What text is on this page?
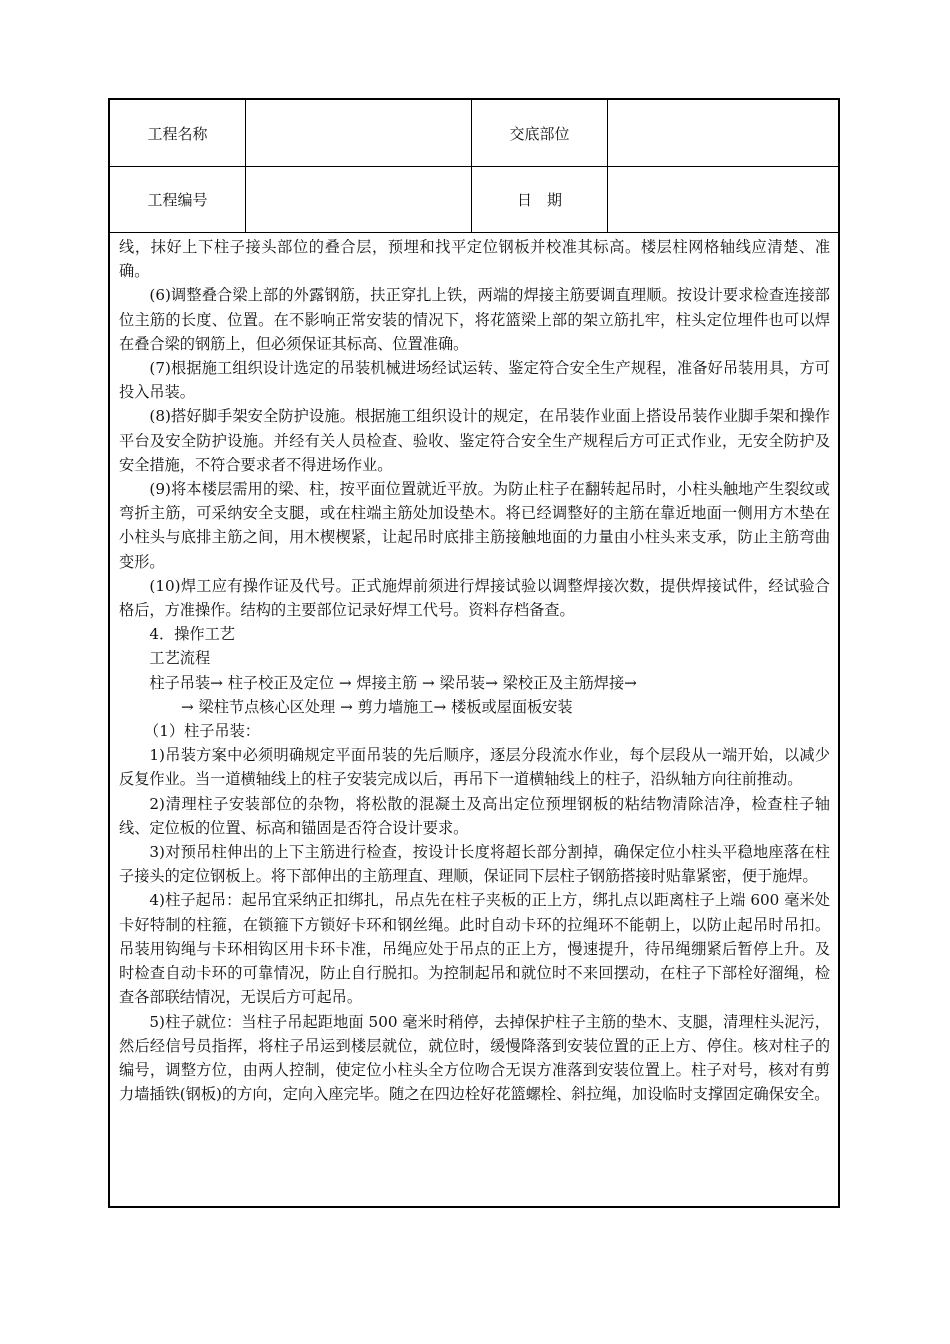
工程名称	交底部位
工程编号	日　期

线，抹好上下柱子接头部位的叠合层，预埋和找平定位钢板并校准其标高。楼层柱网格轴线应清楚、准确。

(6)调整叠合梁上部的外露钢筋，扶正穿扎上铁，两端的焊接主筋要调直理顺。按设计要求检查连接部位主筋的长度、位置。在不影响正常安装的情况下，将花篮梁上部的架立筋扎牢，柱头定位埋件也可以焊在叠合梁的钢筋上，但必须保证其标高、位置准确。

(7)根据施工组织设计选定的吊装机械进场经试运转、鉴定符合安全生产规程，准备好吊装用具，方可投入吊装。

(8)搭好脚手架安全防护设施。根据施工组织设计的规定，在吊装作业面上搭设吊装作业脚手架和操作平台及安全防护设施。并经有关人员检查、验收、鉴定符合安全生产规程后方可正式作业，无安全防护及安全措施，不符合要求者不得进场作业。

(9)将本楼层需用的梁、柱，按平面位置就近平放。为防止柱子在翻转起吊时，小柱头触地产生裂纹或弯折主筋，可采纳安全支腿，或在柱端主筋处加设垫木。将已经调整好的主筋在靠近地面一侧用方木垫在小柱头与底排主筋之间，用木楔楔紧，让起吊时底排主筋接触地面的力量由小柱头来支承，防止主筋弯曲变形。

(10)焊工应有操作证及代号。正式施焊前须进行焊接试验以调整焊接次数，提供焊接试件，经试验合格后，方准操作。结构的主要部位记录好焊工代号。资料存档备查。

4．操作工艺

工艺流程

柱子吊装→ 柱子校正及定位 → 焊接主筋 → 梁吊装→ 梁校正及主筋焊接→

→ 梁柱节点核心区处理 → 剪力墙施工→ 楼板或屋面板安装

（1）柱子吊装：

1)吊装方案中必须明确规定平面吊装的先后顺序，逐层分段流水作业，每个层段从一端开始，以减少反复作业。当一道横轴线上的柱子安装完成以后，再吊下一道横轴线上的柱子，沿纵轴方向往前推动。

2)清理柱子安装部位的杂物，将松散的混凝土及高出定位预埋钢板的粘结物清除洁净，检查柱子轴线、定位板的位置、标高和锚固是否符合设计要求。

3)对预吊柱伸出的上下主筋进行检查，按设计长度将超长部分割掉，确保定位小柱头平稳地座落在柱子接头的定位钢板上。将下部伸出的主筋理直、理顺，保证同下层柱子钢筋搭接时贴靠紧密，便于施焊。

4)柱子起吊：起吊宜采纳正扣绑扎，吊点先在柱子夹板的正上方，绑扎点以距离柱子上端 600 毫米处卡好特制的柱箍，在锁箍下方锁好卡环和钢丝绳。此时自动卡环的拉绳环不能朝上，以防止起吊时吊扣。吊装用钩绳与卡环相钩区用卡环卡准，吊绳应处于吊点的正上方，慢速提升，待吊绳绷紧后暂停上升。及时检查自动卡环的可靠情况，防止自行脱扣。为控制起吊和就位时不来回摆动，在柱子下部栓好溜绳，检查各部联结情况，无误后方可起吊。

5)柱子就位：当柱子吊起距地面 500 毫米时稍停，去掉保护柱子主筋的垫木、支腿，清理柱头泥污，然后经信号员指挥，将柱子吊运到楼层就位，就位时，缓慢降落到安装位置的正上方、停住。核对柱子的编号，调整方位，由两人控制，使定位小柱头全方位吻合无误方准落到安装位置上。柱子对号，核对有剪力墙插铁(钢板)的方向，定向入座完毕。随之在四边栓好花篮螺栓、斜拉绳，加设临时支撑固定确保安全。
